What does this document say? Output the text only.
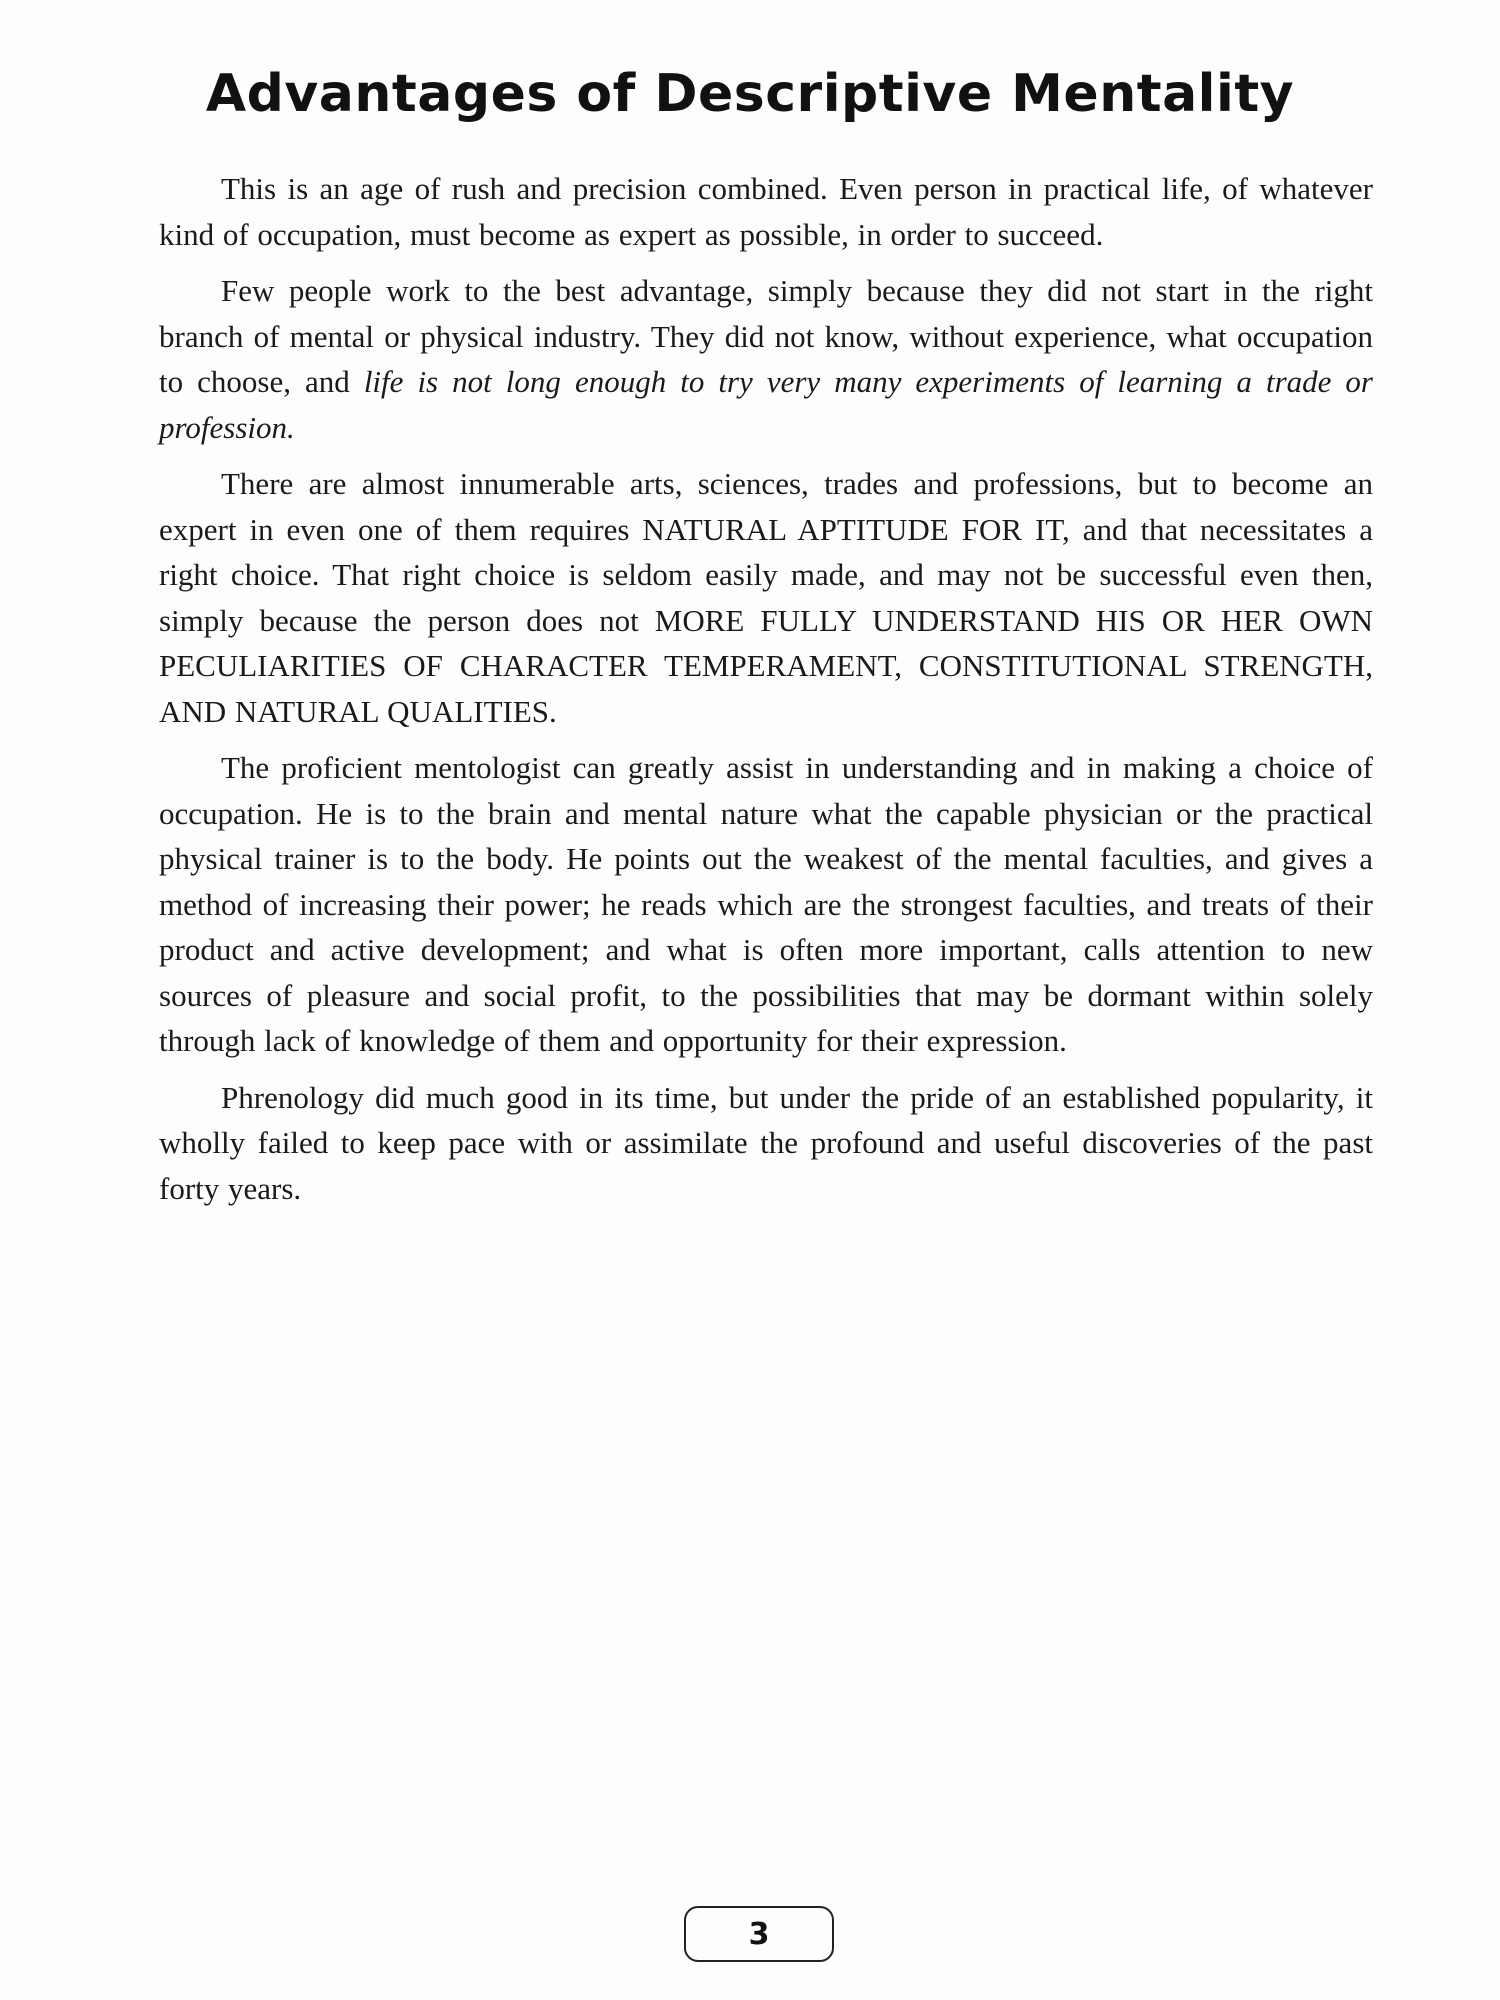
Advantages of Descriptive Mentality

This is an age of rush and precision combined. Even person in practical life, of whatever kind of occupation, must become as expert as possible, in order to succeed.

Few people work to the best advantage, simply because they did not start in the right branch of mental or physical industry. They did not know, without experience, what occupation to choose, and life is not long enough to try very many experiments of learning a trade or profession.

There are almost innumerable arts, sciences, trades and professions, but to become an expert in even one of them requires NATURAL APTITUDE FOR IT, and that necessitates a right choice. That right choice is seldom easily made, and may not be successful even then, simply because the person does not MORE FULLY UNDERSTAND HIS OR HER OWN PECULIARITIES OF CHARACTER TEMPERAMENT, CONSTITUTIONAL STRENGTH, AND NATURAL QUALITIES.

The proficient mentologist can greatly assist in understanding and in making a choice of occupation. He is to the brain and mental nature what the capable physician or the practical physical trainer is to the body. He points out the weakest of the mental faculties, and gives a method of increasing their power; he reads which are the strongest faculties, and treats of their product and active development; and what is often more important, calls attention to new sources of pleasure and social profit, to the possibilities that may be dormant within solely through lack of knowledge of them and opportunity for their expression.

Phrenology did much good in its time, but under the pride of an established popularity, it wholly failed to keep pace with or assimilate the profound and useful discoveries of the past forty years.

3
